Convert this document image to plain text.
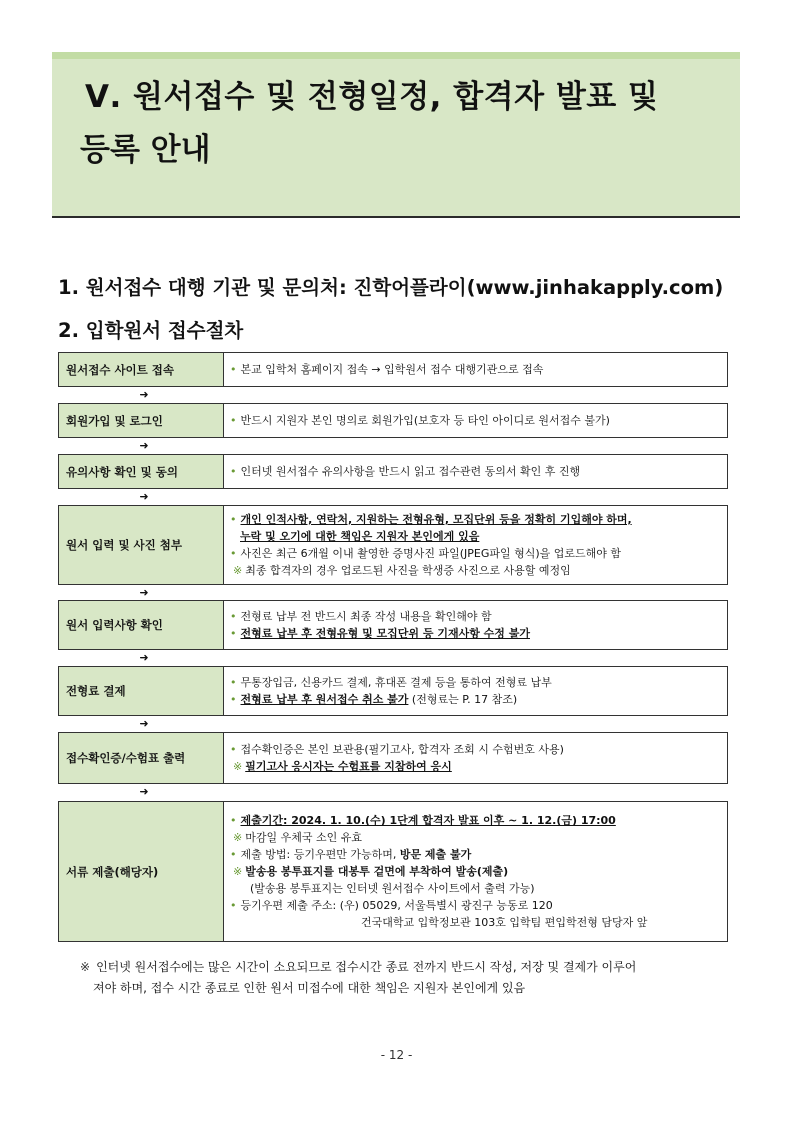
Ⅴ. 원서접수 및 전형일정, 합격자 발표 및
등록 안내
1. 원서접수 대행 기관 및 문의처: 진학어플라이(www.jinhakapply.com)
2. 입학원서 접수절차
원서접수 사이트 접속	• 본교 입학처 홈페이지 접속 → 입학원서 접수 대행기관으로 접속
➜
회원가입 및 로그인	• 반드시 지원자 본인 명의로 회원가입(보호자 등 타인 아이디로 원서접수 불가)
➜
유의사항 확인 및 동의	• 인터넷 원서접수 유의사항을 반드시 읽고 접수관련 동의서 확인 후 진행
➜
원서 입력 및 사진 첨부
• 개인 인적사항, 연락처, 지원하는 전형유형, 모집단위 등을 정확히 기입해야 하며,
누락 및 오기에 대한 책임은 지원자 본인에게 있음
• 사진은 최근 6개월 이내 촬영한 증명사진 파일(JPEG파일 형식)을 업로드해야 함
※ 최종 합격자의 경우 업로드된 사진을 학생증 사진으로 사용할 예정임
➜
원서 입력사항 확인
• 전형료 납부 전 반드시 최종 작성 내용을 확인해야 함
• 전형료 납부 후 전형유형 및 모집단위 등 기재사항 수정 불가
➜
전형료 결제
• 무통장입금, 신용카드 결제, 휴대폰 결제 등을 통하여 전형료 납부
• 전형료 납부 후 원서접수 취소 불가 (전형료는 P. 17 참조)
➜
접수확인증/수험표 출력
• 접수확인증은 본인 보관용(필기고사, 합격자 조회 시 수험번호 사용)
※ 필기고사 응시자는 수험표를 지참하여 응시
➜
서류 제출(해당자)
• 제출기간: 2024. 1. 10.(수) 1단계 합격자 발표 이후 ~ 1. 12.(금) 17:00
※ 마감일 우체국 소인 유효
• 제출 방법: 등기우편만 가능하며, 방문 제출 불가
※ 발송용 봉투표지를 대봉투 겉면에 부착하여 발송(제출)
(발송용 봉투표지는 인터넷 원서접수 사이트에서 출력 가능)
• 등기우편 제출 주소: (우) 05029, 서울특별시 광진구 능동로 120
건국대학교 입학정보관 103호 입학팀 편입학전형 담당자 앞
※ 인터넷 원서접수에는 많은 시간이 소요되므로 접수시간 종료 전까지 반드시 작성, 저장 및 결제가 이루어
져야 하며, 접수 시간 종료로 인한 원서 미접수에 대한 책임은 지원자 본인에게 있음
- 12 -
